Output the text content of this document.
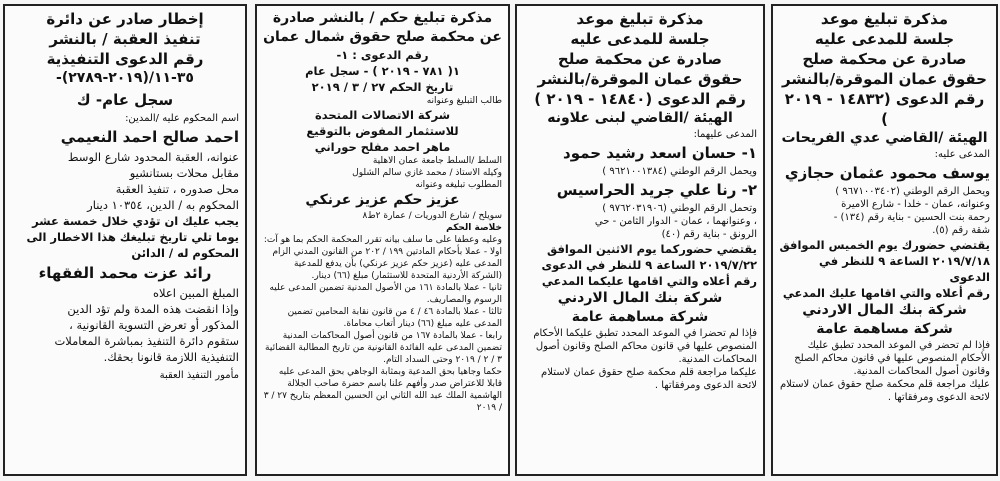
إخطار صادر عن دائرة
تنفيذ العقبة / بالنشر
رقم الدعوى التنفيذية
٣٥-١١/(٢٠١٩-٢٧٨٩)-
سجل عام- ك
اسم المحكوم عليه /المدين:
احمد صالح احمد النعيمي
عنوانه، العقبة المحدود شارع الوسط
مقابل محلات بستانشيو
محل صدوره ، تنفيذ العقبة
المحكوم به / الدين، ١٠٣٥٤ دينار
يجب عليك ان تؤدي خلال خمسة عشر
يوما تلي تاريخ تبليغك هذا الاخطار الى
المحكوم له / الدائن
رائد عزت محمد الفقهاء
المبلغ المبين اعلاه
وإذا انقضت هذه المدة ولم تؤد الدين
المذكور أو تعرض التسوية القانونية ،
ستقوم دائرة التنفيذ بمباشرة المعاملات
التنفيذية اللازمة قانونا بحقك.
مأمور التنفيذ العقبة
مذكرة تبليغ حكم / بالنشر صادرة
عن محكمة صلح حقوق شمال عمان
رقم الدعوى : ١-
١( ٧٨١ - ٢٠١٩ ) - سجل عام
تاريخ الحكم ٢٧ / ٣ / ٢٠١٩
طالب التبليغ وعنوانه
شركة الاتصالات المتحدة
للاستثمار المفوض بالتوقيع
ماهر احمد مفلح حوراني
السلط /السلط جامعة عمان الاهلية
وكيله الاستاذ / محمد غازي سالم الشلول
المطلوب تبليغه وعنوانه
عزيز حكم عزيز عرنكي
سويلح / شارع الدوريات / عمارة ٢ط٨
خلاصة الحكم
وعليه وعطفا على ما سلف بيانه تقرر المحكمة الحكم بما هو آت:
اولا - عملا بأحكام المادتين ١٩٩ / ٢٠٢ من القانون المدني الزام المدعى عليه (عزيز حكم عزيز عرنكي) بأن يدفع للمدعية (الشركة الأردنية المتحدة للاستثمار) مبلغ (٦٦) دينار.
ثانيا - عملا بالمادة ١٦١ من الأصول المدنية تضمين المدعى عليه الرسوم والمصاريف.
ثالثا - عملا بالمادة ٤٦ / ٤ من قانون نقابة المحامين تضمين المدعى عليه مبلغ (٦٦) دينار أتعاب محاماة.
رابعا - عملا بالمادة ١٦٧ من قانون أصول المحاكمات المدنية تضمين المدعى عليه الفائدة القانونية من تاريخ المطالبة القضائية ٣ / ٢ / ٢٠١٩ وحتى السداد التام.
حكما وجاهيا بحق المدعية وبمثابة الوجاهي بحق المدعى عليه قابلا للاعتراض صدر وأفهم علنا باسم حضرة صاحب الجلالة الهاشمية الملك عبد الله الثاني ابن الحسين المعظم بتاريخ ٢٧ / ٣ / ٢٠١٩
مذكرة تبليغ موعد
جلسة للمدعى عليه
صادرة عن محكمة صلح
حقوق عمان الموقرة/بالنشر
رقم الدعوى (١٤٨٤٠ - ٢٠١٩ )
الهيئة /القاضي لبنى علاونه
المدعى عليهما:
١- حسان اسعد رشيد حمود
ويحمل الرقم الوطني (٩٦٢١٠٠١٣٨٤ )
٢- رنا علي جريد الحراسيس
وتحمل الرقم الوطني (٩٧٦٢٠٣١٩٠٦ )
، وعنوانهما ، عمان - الدوار الثامن - حي
الرونق - بناية رقم (٤٠)
يقتضي حضوركما يوم الاثنين الموافق
٢٠١٩/٧/٢٢ الساعة ٩ للنظر في الدعوى
رقم أعلاه والتي اقامها عليكما المدعي
شركة بنك المال الاردني
شركة مساهمة عامة
فإذا لم تحضرا في الموعد المحدد تطبق عليكما الأحكام المنصوص عليها في قانون محاكم الصلح وقانون أصول المحاكمات المدنية.
عليكما مراجعة قلم محكمة صلح حقوق عمان لاستلام لائحة الدعوى ومرفقاتها .
مذكرة تبليغ موعد
جلسة للمدعى عليه
صادرة عن محكمة صلح
حقوق عمان الموقرة/بالنشر
رقم الدعوى (١٤٨٣٢ - ٢٠١٩ )
الهيئة /القاضي عدي الفريحات
المدعى عليه:
يوسف محمود عثمان حجازي
ويحمل الرقم الوطني (٩٦٧١٠٠٣٤٠٢ )
وعنوانه، عمان - خلدا - شارع الاميرة
رحمة بنت الحسين - بناية رقم (١٣٤) -
شقة رقم (٥).
يقتضي حضورك يوم الخميس الموافق
٢٠١٩/٧/١٨ الساعة ٩ للنظر في الدعوى
رقم أعلاه والتي اقامها عليك المدعي
شركة بنك المال الاردني
شركة مساهمة عامة
فإذا لم تحضر في الموعد المحدد تطبق عليك الأحكام المنصوص عليها في قانون محاكم الصلح وقانون أصول المحاكمات المدنية.
عليك مراجعة قلم محكمة صلح حقوق عمان لاستلام لائحة الدعوى ومرفقاتها .
